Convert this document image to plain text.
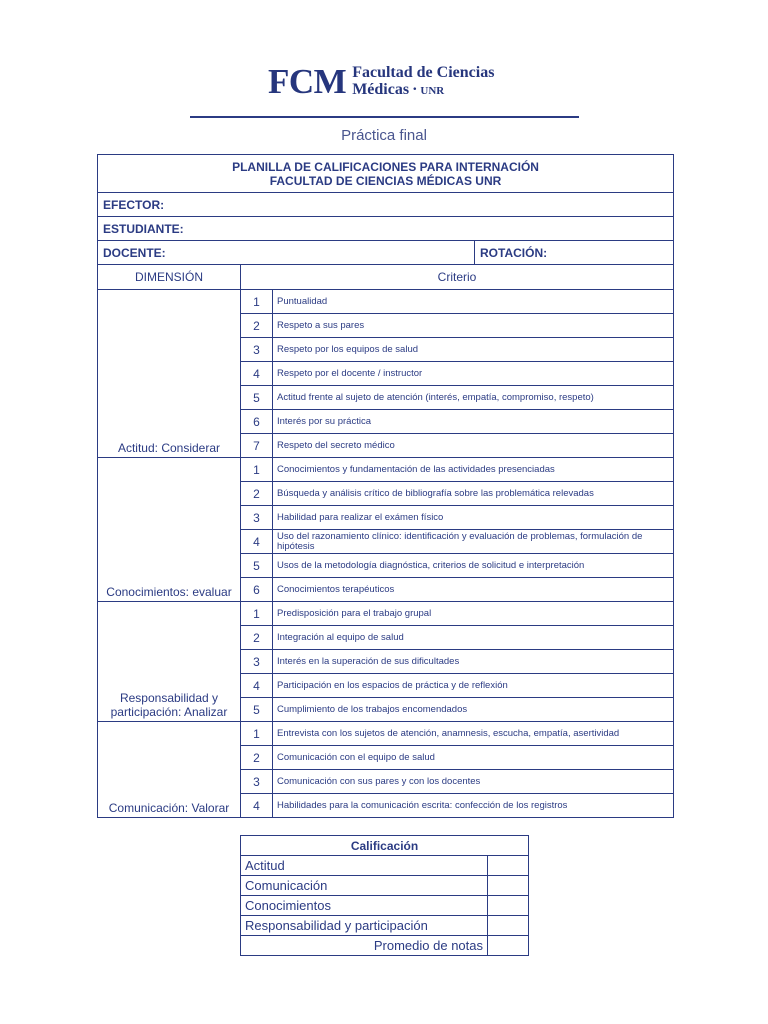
FCM Facultad de Ciencias
Médicas · UNR
Práctica final
PLANILLA DE CALIFICACIONES PARA INTERNACIÓN
FACULTAD DE CIENCIAS MÉDICAS UNR			

EFECTOR:			
ESTUDIANTE:			
DOCENTE:			ROTACIÓN:
DIMENSIÓN	Criterio		
Actitud: Considerar	1	Puntualidad	
	2	Respeto a sus pares	
	3	Respeto por los equipos de salud	
	4	Respeto por el docente / instructor	
	5	Actitud frente al sujeto de atención (interés, empatía, compromiso, respeto)	
	6	Interés por su práctica	
	7	Respeto del secreto médico	
Conocimientos: evaluar	1	Conocimientos y fundamentación de las actividades presenciadas	
	2	Búsqueda y análisis crítico de bibliografía sobre las problemática relevadas	
	3	Habilidad para realizar el exámen físico	
	4	Uso del razonamiento clínico: identificación y evaluación de problemas, formulación de hipótesis	
	5	Usos de la metodología diagnóstica, criterios de solicitud e interpretación	
	6	Conocimientos terapéuticos	
Responsabilidad y participación: Analizar	1	Predisposición para el trabajo grupal	
	2	Integración al equipo de salud	
	3	Interés en la superación de sus dificultades	
	4	Participación en los espacios de práctica y de reflexión	
	5	Cumplimiento de los trabajos encomendados	
Comunicación: Valorar	1	Entrevista con los sujetos de atención, anamnesis, escucha, empatía, asertividad	
	2	Comunicación con el equipo de salud	
	3	Comunicación con sus pares y con los docentes	
	4	Habilidades para la comunicación escrita: confección de los registros	
Calificación	
Actitud	
Comunicación	
Conocimientos	
Responsabilidad y participación	
Promedio de notas	
